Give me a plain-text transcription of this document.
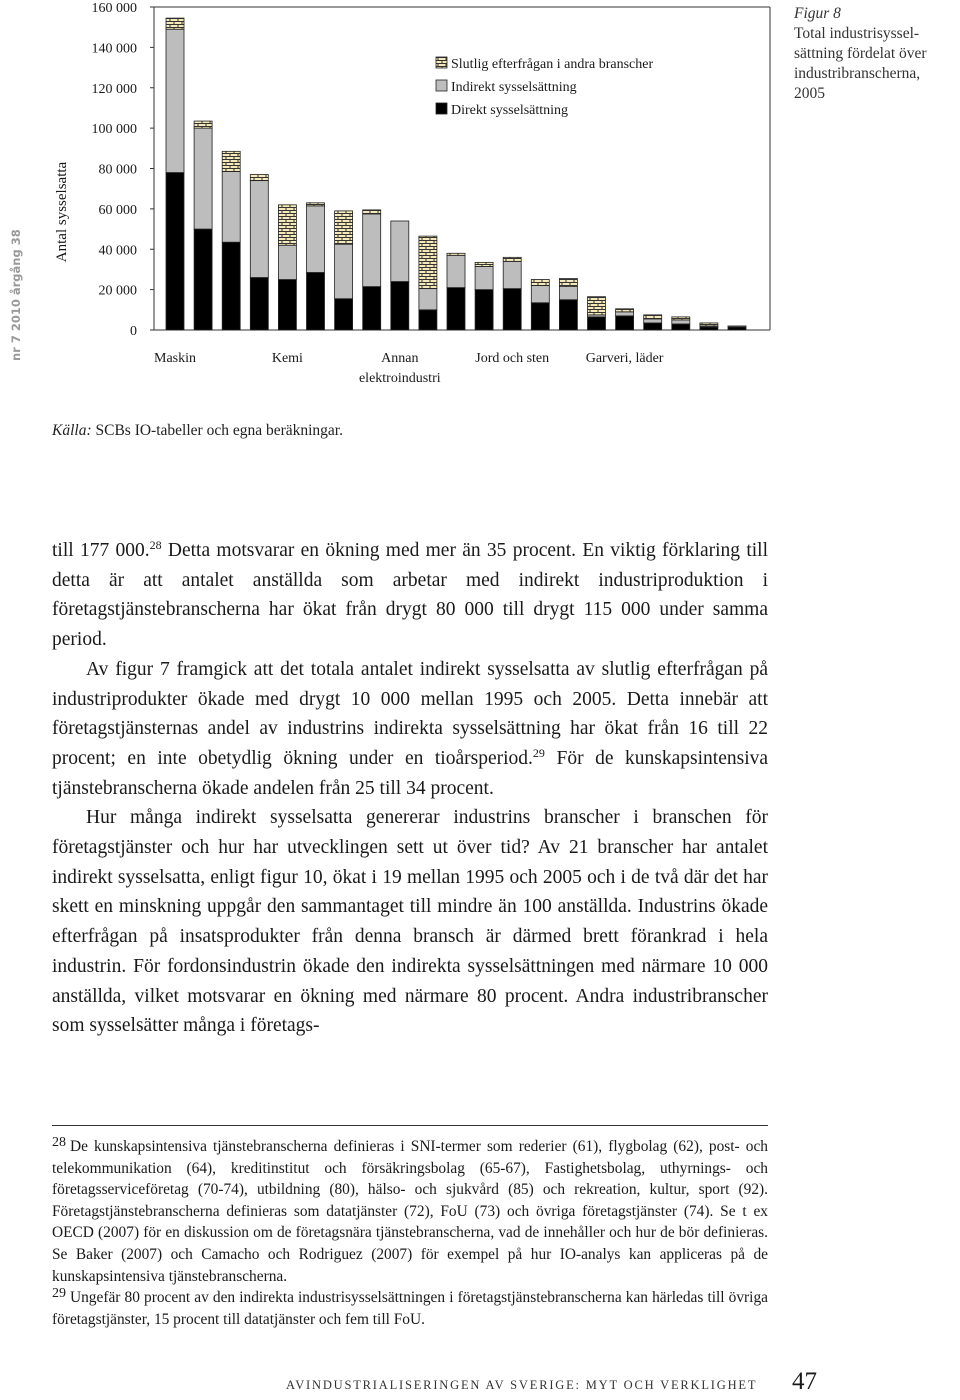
nr 7 2010 årgång 38	0
20 000
40 000
60 000
80 000
100 000
120 000
140 000
160 000
Maskin	Kemi	Annan
elektroindustri
Jord och sten	Garveri, läder
Slutlig efterfrågan i andra branscher
Indirekt sysselsättning
Direkt sysselsättning
Antal sysselsatta
Figur 8
Total industrisyssel-
sättning fördelat över
industribranscherna,
2005
Källa: SCBs IO-tabeller och egna beräkningar.

till 177 000.28 Detta motsvarar en ökning med mer än 35 procent. En viktig förklaring till detta är att antalet anställda som arbetar med indirekt industriproduktion i företagstjänstebranscherna har ökat från drygt 80 000 till drygt 115 000 under samma period.

Av figur 7 framgick att det totala antalet indirekt sysselsatta av slutlig efterfrågan på industriprodukter ökade med drygt 10 000 mellan 1995 och 2005. Detta innebär att företagstjänsternas andel av industrins indirekta sysselsättning har ökat från 16 till 22 procent; en inte obetydlig ökning under en tioårsperiod.$^{29}$ För de kunskapsintensiva tjänstebranscherna ökade andelen från 25 till 34 procent.

Hur många indirekt sysselsatta genererar industrins branscher i branschen för företagstjänster och hur har utvecklingen sett ut över tid? Av 21 branscher har antalet indirekt sysselsatta, enligt figur 10, ökat i 19 mellan 1995 och 2005 och i de två där det har skett en minskning uppgår den sammantaget till mindre än 100 anställda. Industrins ökade efterfrågan på insatsprodukter från denna bransch är därmed brett förankrad i hela industrin. För fordonsindustrin ökade den indirekta sysselsättningen med närmare 10 000 anställda, vilket motsvarar en ökning med närmare 80 procent. Andra industribranscher som sysselsätter många i företags-

28 De kunskapsintensiva tjänstebranscherna definieras i SNI-termer som rederier (61), flygbolag (62), post- och telekommunikation (64), kreditinstitut och försäkringsbolag (65-67), Fastighetsbolag, uthyrnings- och företagsserviceföretag (70-74), utbildning (80), hälso- och sjukvård (85) och rekreation, kultur, sport (92). Företagstjänstebranscherna definieras som datatjänster (72), FoU (73) och övriga företagstjänster (74). Se t ex OECD (2007) för en diskussion om de företagsnära tjänstebranscherna, vad de innehåller och hur de bör definieras. Se Baker (2007) och Camacho och Rodriguez (2007) för exempel på hur IO-analys kan appliceras på de kunskapsintensiva tjänstebranscherna.

29 Ungefär 80 procent av den indirekta industrisysselsättningen i företagstjänstebranscherna kan härledas till övriga företagstjänster, 15 procent till datatjänster och fem till FoU.

AVINDUSTRIALISERINGEN AV SVERIGE: MYT OCH VERKLIGHET 47
